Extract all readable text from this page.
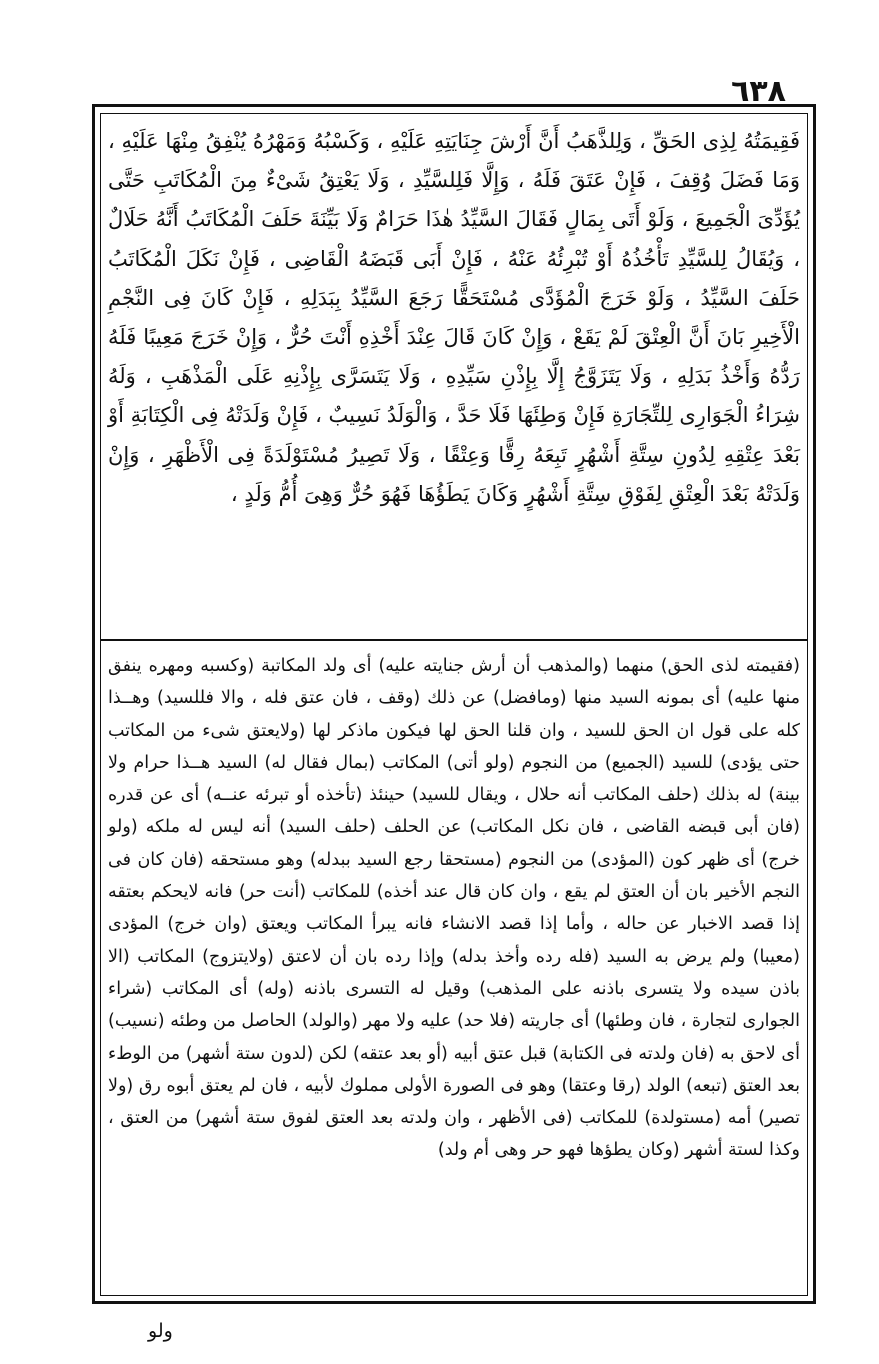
٦٣٨
فَقِيمَتُهُ لِذِى الحَقِّ ، وَلِلذَّهَبُ أَنَّ أَرْشَ جِنَايَتِهِ عَلَيْهِ ، وَكَسْبُهُ وَمَهْرُهُ يُنْفِقُ مِنْهَا عَلَيْهِ ، وَمَا فَضَلَ وُقِفَ ، فَإِنْ عَتَقَ فَلَهُ ، وَإِلَّا فَلِلسَّيِّدِ ، وَلَا يَعْتِقُ شَىْءٌ مِنَ الْمُكَاتَبِ حَتَّى يُؤَدِّىَ الْجَمِيعَ ، وَلَوْ أَتَى بِمَالٍ فَقَالَ السَّيِّدُ هٰذَا حَرَامٌ وَلَا بَيِّنَةَ حَلَفَ الْمُكَاتَبُ أَنَّهُ حَلَالٌ ، وَيُقَالُ لِلسَّيِّدِ تَأْخُذُهُ أَوْ تُبْرِئُهُ عَنْهُ ، فَإِنْ أَبَى قَبَضَهُ الْقَاضِى ، فَإِنْ نَكَلَ الْمُكَاتَبُ حَلَفَ السَّيِّدُ ، وَلَوْ خَرَجَ الْمُؤَدَّى مُسْتَحَقًّا رَجَعَ السَّيِّدُ بِبَدَلِهِ ، فَإِنْ كَانَ فِى النَّجْمِ الْأَخِيرِ بَانَ أَنَّ الْعِتْقَ لَمْ يَقَعْ ، وَإِنْ كَانَ قَالَ عِنْدَ أَخْذِهِ أَنْتَ حُرٌّ ، وَإِنْ خَرَجَ مَعِيبًا فَلَهُ رَدُّهُ وَأَخْذُ بَدَلِهِ ، وَلَا يَتَزَوَّجُ إِلَّا بِإِذْنِ سَيِّدِهِ ، وَلَا يَتَسَرَّى بِإِذْنِهِ عَلَى الْمَذْهَبِ ، وَلَهُ شِرَاءُ الْجَوَارِى لِلتِّجَارَةِ فَإِنْ وَطِئَهَا فَلَا حَدَّ ، وَالْوَلَدُ نَسِيبٌ ، فَإِنْ وَلَدَتْهُ فِى الْكِتَابَةِ أَوْ بَعْدَ عِتْقِهِ لِدُونِ سِتَّةِ أَشْهُرٍ تَبِعَهُ رِقًّا وَعِتْقًا ، وَلَا تَصِيرُ مُسْتَوْلَدَةً فِى الْأَظْهَرِ ، وَإِنْ وَلَدَتْهُ بَعْدَ الْعِتْقِ لِفَوْقِ سِتَّةِ أَشْهُرٍ وَكَانَ يَطَؤُهَا فَهُوَ حُرٌّ وَهِىَ أُمُّ وَلَدٍ ،
(فقيمته لذى الحق) منهما (والمذهب أن أرش جنايته عليه) أى ولد المكاتبة (وكسبه ومهره ينفق منها عليه) أى بمونه السيد منها (ومافضل) عن ذلك (وقف ، فان عتق فله ، والا فللسيد) وهــذا كله على قول ان الحق للسيد ، وان قلنا الحق لها فيكون ماذكر لها (ولايعتق شىء من المكاتب حتى يؤدى) للسيد (الجميع) من النجوم (ولو أتى) المكاتب (بمال فقال له) السيد هــذا حرام ولا بينة) له بذلك (حلف المكاتب أنه حلال ، ويقال للسيد) حينئذ (تأخذه أو تبرئه عنــه) أى عن قدره (فان أبى قبضه القاضى ، فان نكل المكاتب) عن الحلف (حلف السيد) أنه ليس له ملكه (ولو خرج) أى ظهر كون (المؤدى) من النجوم (مستحقا رجع السيد ببدله) وهو مستحقه (فان كان فى النجم الأخير بان أن العتق لم يقع ، وان كان قال عند أخذه) للمكاتب (أنت حر) فانه لايحكم بعتقه إذا قصد الاخبار عن حاله ، وأما إذا قصد الانشاء فانه يبرأ المكاتب ويعتق (وان خرج) المؤدى (معيبا) ولم يرض به السيد (فله رده وأخذ بدله) وإذا رده بان أن لاعتق (ولايتزوج) المكاتب (الا باذن سيده ولا يتسرى باذنه على المذهب) وقيل له التسرى باذنه (وله) أى المكاتب (شراء الجوارى لتجارة ، فان وطئها) أى جاريته (فلا حد) عليه ولا مهر (والولد) الحاصل من وطئه (نسيب) أى لاحق به (فان ولدته فى الكتابة) قبل عتق أبيه (أو بعد عتقه) لكن (لدون ستة أشهر) من الوطء بعد العتق (تبعه) الولد (رقا وعتقا) وهو فى الصورة الأولى مملوك لأبيه ، فان لم يعتق أبوه رق (ولا تصير) أمه (مستولدة) للمكاتب (فى الأظهر ، وان ولدته بعد العتق لفوق ستة أشهر) من العتق ، وكذا لستة أشهر (وكان يطؤها فهو حر وهى أم ولد)
ولو
